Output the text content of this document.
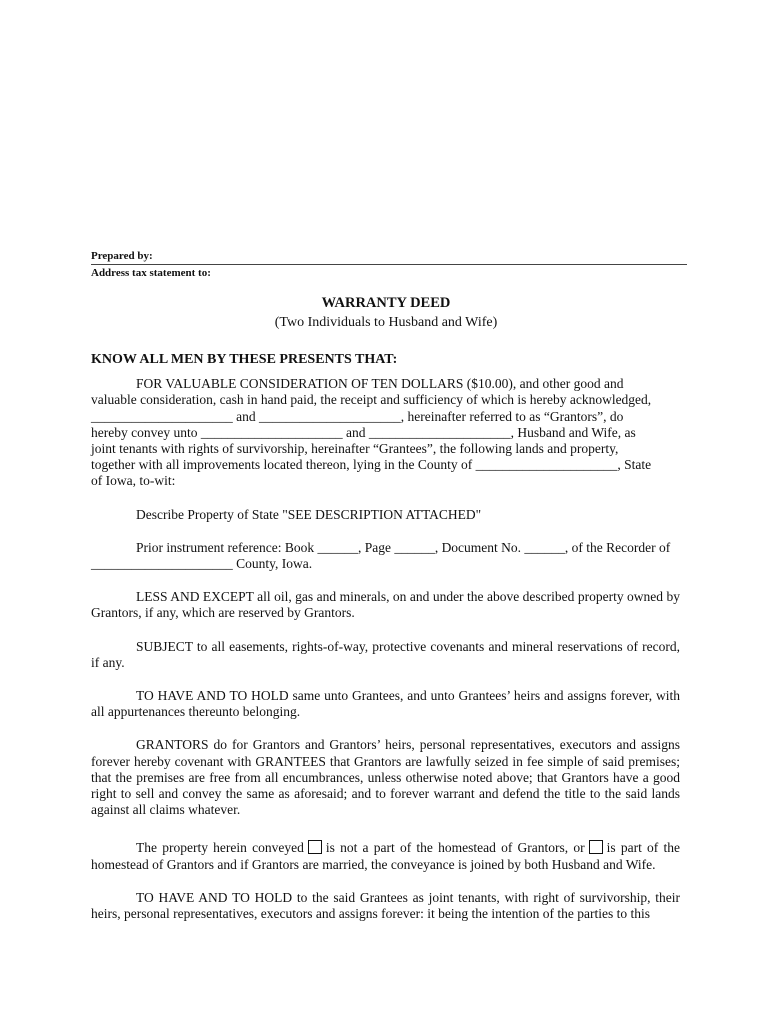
Prepared by:
Address tax statement to:
WARRANTY DEED
(Two Individuals to Husband and Wife)

KNOW ALL MEN BY THESE PRESENTS THAT:

FOR VALUABLE CONSIDERATION OF TEN DOLLARS ($10.00), and other good and
valuable consideration, cash in hand paid, the receipt and sufficiency of which is hereby acknowledged,
_____________________ and _____________________, hereinafter referred to as “Grantors”, do
hereby convey unto _____________________ and _____________________, Husband and Wife, as
joint tenants with rights of survivorship, hereinafter “Grantees”, the following lands and property,
together with all improvements located thereon, lying in the County of _____________________, State
of Iowa, to-wit:

Describe Property of State "SEE DESCRIPTION ATTACHED"

Prior instrument reference: Book ______, Page ______, Document No. ______, of the Recorder of
_____________________ County, Iowa.

LESS AND EXCEPT all oil, gas and minerals, on and under the above described property owned by Grantors, if any, which are reserved by Grantors.

SUBJECT to all easements, rights-of-way, protective covenants and mineral reservations of record, if any.

TO HAVE AND TO HOLD same unto Grantees, and unto Grantees’ heirs and assigns forever, with all appurtenances thereunto belonging.

GRANTORS do for Grantors and Grantors’ heirs, personal representatives, executors and assigns forever hereby covenant with GRANTEES that Grantors are lawfully seized in fee simple of said premises; that the premises are free from all encumbrances, unless otherwise noted above; that Grantors have a good right to sell and convey the same as aforesaid; and to forever warrant and defend the title to the said lands against all claims whatever.

The property herein conveyed is not a part of the homestead of Grantors, or is part of the homestead of Grantors and if Grantors are married, the conveyance is joined by both Husband and Wife.

TO HAVE AND TO HOLD to the said Grantees as joint tenants, with right of survivorship, their heirs, personal representatives, executors and assigns forever: it being the intention of the parties to this
